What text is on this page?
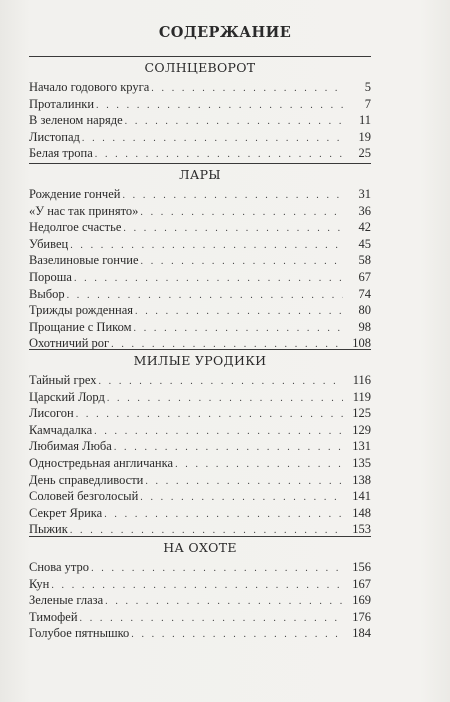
СОДЕРЖАНИЕ
СОЛНЦЕВОРОТ
Начало годового круга . . .	5
Проталинки . . .	7
В зеленом наряде . . .	11
Листопад . . .	19
Белая тропа . . .	25
ЛАРЫ
Рождение гончей . . .	31
«У нас так принято» . . .	36
Недолгое счастье . . .	42
Убивец . . .	45
Вазелиновые гончие . . .	58
Пороша . . .	67
Выбор . . .	74
Трижды рожденная . . .	80
Прощание с Пиком . . .	98
Охотничий рог . . .	108
МИЛЫЕ УРОДИКИ
Тайный грех . . .	116
Царский Лорд . . .	119
Лисогон . . .	125
Камчадалка . . .	129
Любимая Люба . . .	131
Одностредьная англичанка . . .	135
День справедливости . . .	138
Соловей безголосый . . .	141
Секрет Ярика . . .	148
Пыжик . . .	153
НА ОХОТЕ
Снова утро . . .	156
Кун . . .	167
Зеленые глаза . . .	169
Тимофей . . .	176
Голубое пятнышко . . .	184
